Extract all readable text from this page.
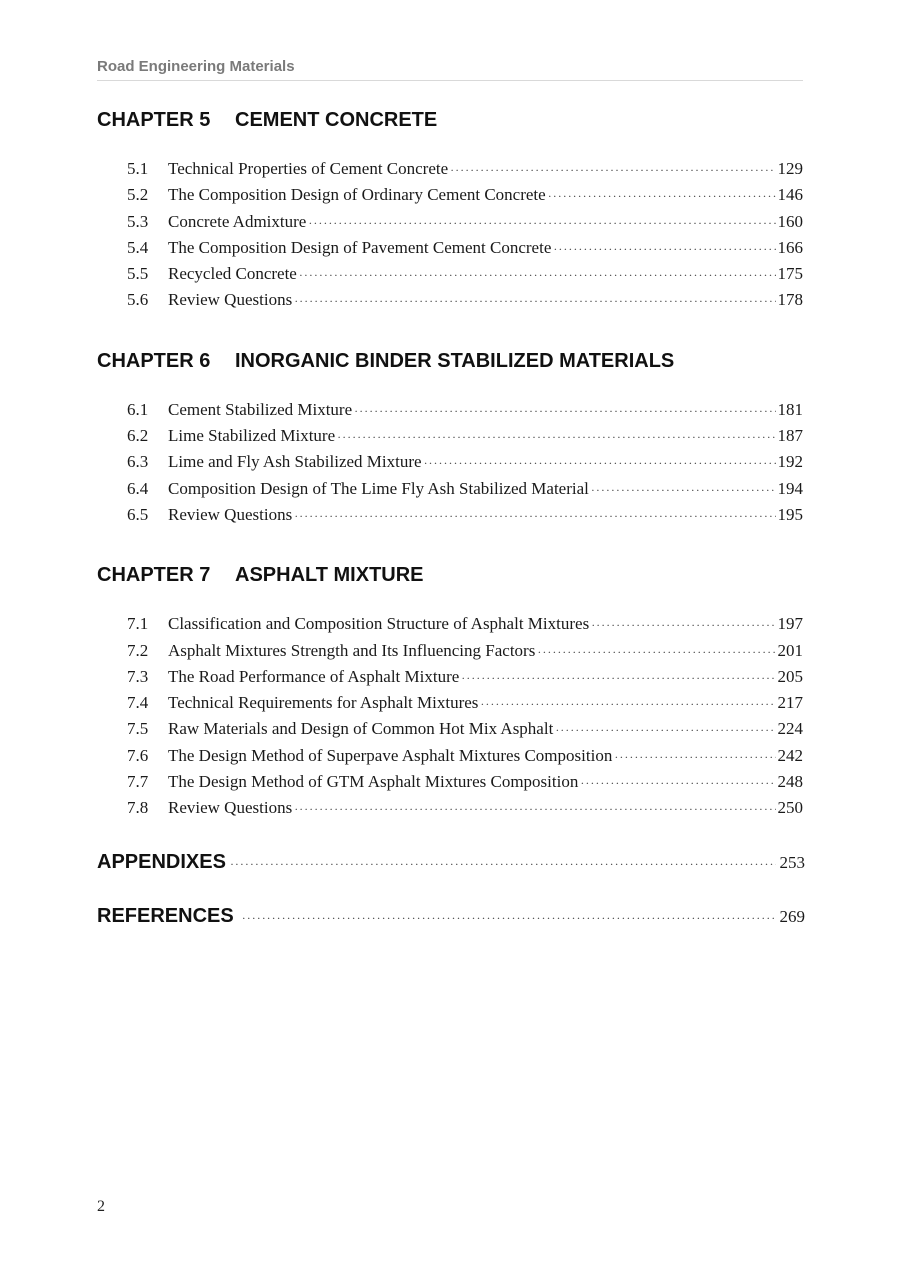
Road Engineering Materials
CHAPTER 5 CEMENT CONCRETE
5.1	Technical Properties of Cement Concrete ·····	129
5.2	The Composition Design of Ordinary Cement Concrete ·····	146
5.3	Concrete Admixture ·····	160
5.4	The Composition Design of Pavement Cement Concrete ·····	166
5.5	Recycled Concrete ·····	175
5.6	Review Questions ·····	178
CHAPTER 6 INORGANIC BINDER STABILIZED MATERIALS
6.1	Cement Stabilized Mixture ·····	181
6.2	Lime Stabilized Mixture ·····	187
6.3	Lime and Fly Ash Stabilized Mixture ·····	192
6.4	Composition Design of The Lime Fly Ash Stabilized Material ·····	194
6.5	Review Questions ·····	195
CHAPTER 7 ASPHALT MIXTURE
7.1	Classification and Composition Structure of Asphalt Mixtures ·····	197
7.2	Asphalt Mixtures Strength and Its Influencing Factors ·····	201
7.3	The Road Performance of Asphalt Mixture ·····	205
7.4	Technical Requirements for Asphalt Mixtures ·····	217
7.5	Raw Materials and Design of Common Hot Mix Asphalt ·····	224
7.6	The Design Method of Superpave Asphalt Mixtures Composition ·····	242
7.7	The Design Method of GTM Asphalt Mixtures Composition ·····	248
7.8	Review Questions ·····	250
APPENDIXES ·····	253
REFERENCES ·····	269
2
